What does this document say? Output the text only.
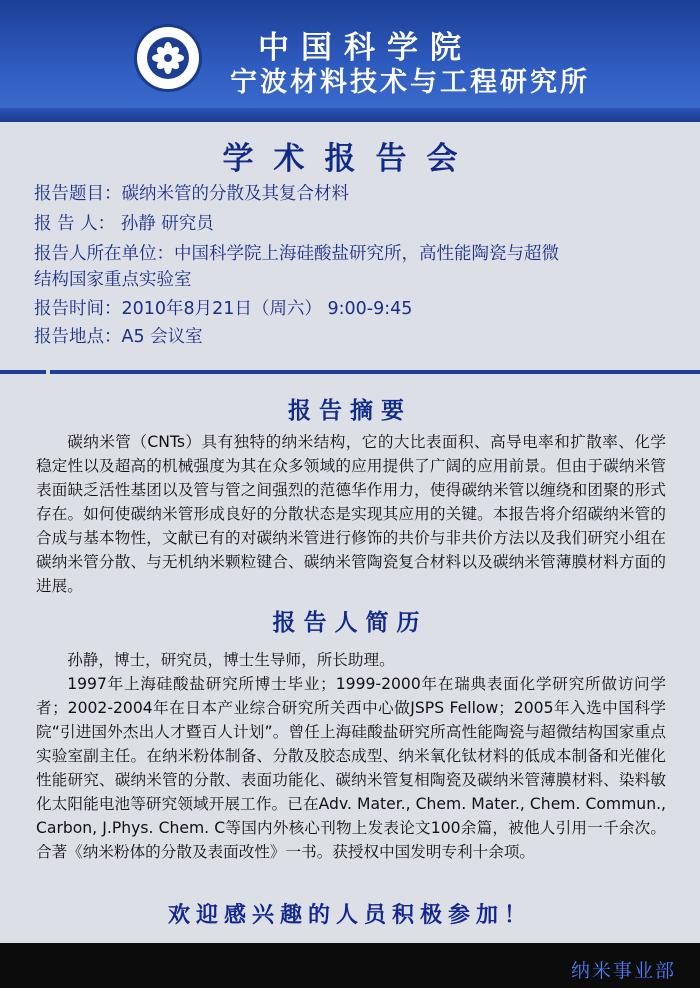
中国科学院
宁波材料技术与工程研究所
学术报告会
报告题目：碳纳米管的分散及其复合材料
报 告 人： 孙静 研究员
报告人所在单位：中国科学院上海硅酸盐研究所，高性能陶瓷与超微
结构国家重点实验室
报告时间：2010年8月21日（周六） 9:00-9:45
报告地点：A5 会议室
报告摘要
碳纳米管（CNTs）具有独特的纳米结构，它的大比表面积、高导电率和扩散率、化学稳定性以及超高的机械强度为其在众多领域的应用提供了广阔的应用前景。但由于碳纳米管表面缺乏活性基团以及管与管之间强烈的范德华作用力，使得碳纳米管以缠绕和团聚的形式存在。如何使碳纳米管形成良好的分散状态是实现其应用的关键。本报告将介绍碳纳米管的合成与基本物性，文献已有的对碳纳米管进行修饰的共价与非共价方法以及我们研究小组在碳纳米管分散、与无机纳米颗粒键合、碳纳米管陶瓷复合材料以及碳纳米管薄膜材料方面的进展。
报告人简历
孙静，博士，研究员，博士生导师，所长助理。
1997年上海硅酸盐研究所博士毕业；1999-2000年在瑞典表面化学研究所做访问学者；2002-2004年在日本产业综合研究所关西中心做JSPS Fellow；2005年入选中国科学院“引进国外杰出人才暨百人计划”。曾任上海硅酸盐研究所高性能陶瓷与超微结构国家重点实验室副主任。在纳米粉体制备、分散及胶态成型、纳米氧化钛材料的低成本制备和光催化性能研究、碳纳米管的分散、表面功能化、碳纳米管复相陶瓷及碳纳米管薄膜材料、染料敏化太阳能电池等研究领域开展工作。已在Adv. Mater., Chem. Mater., Chem. Commun., Carbon, J.Phys. Chem. C等国内外核心刊物上发表论文100余篇，被他人引用一千余次。合著《纳米粉体的分散及表面改性》一书。获授权中国发明专利十余项。
欢迎感兴趣的人员积极参加！
纳米事业部
